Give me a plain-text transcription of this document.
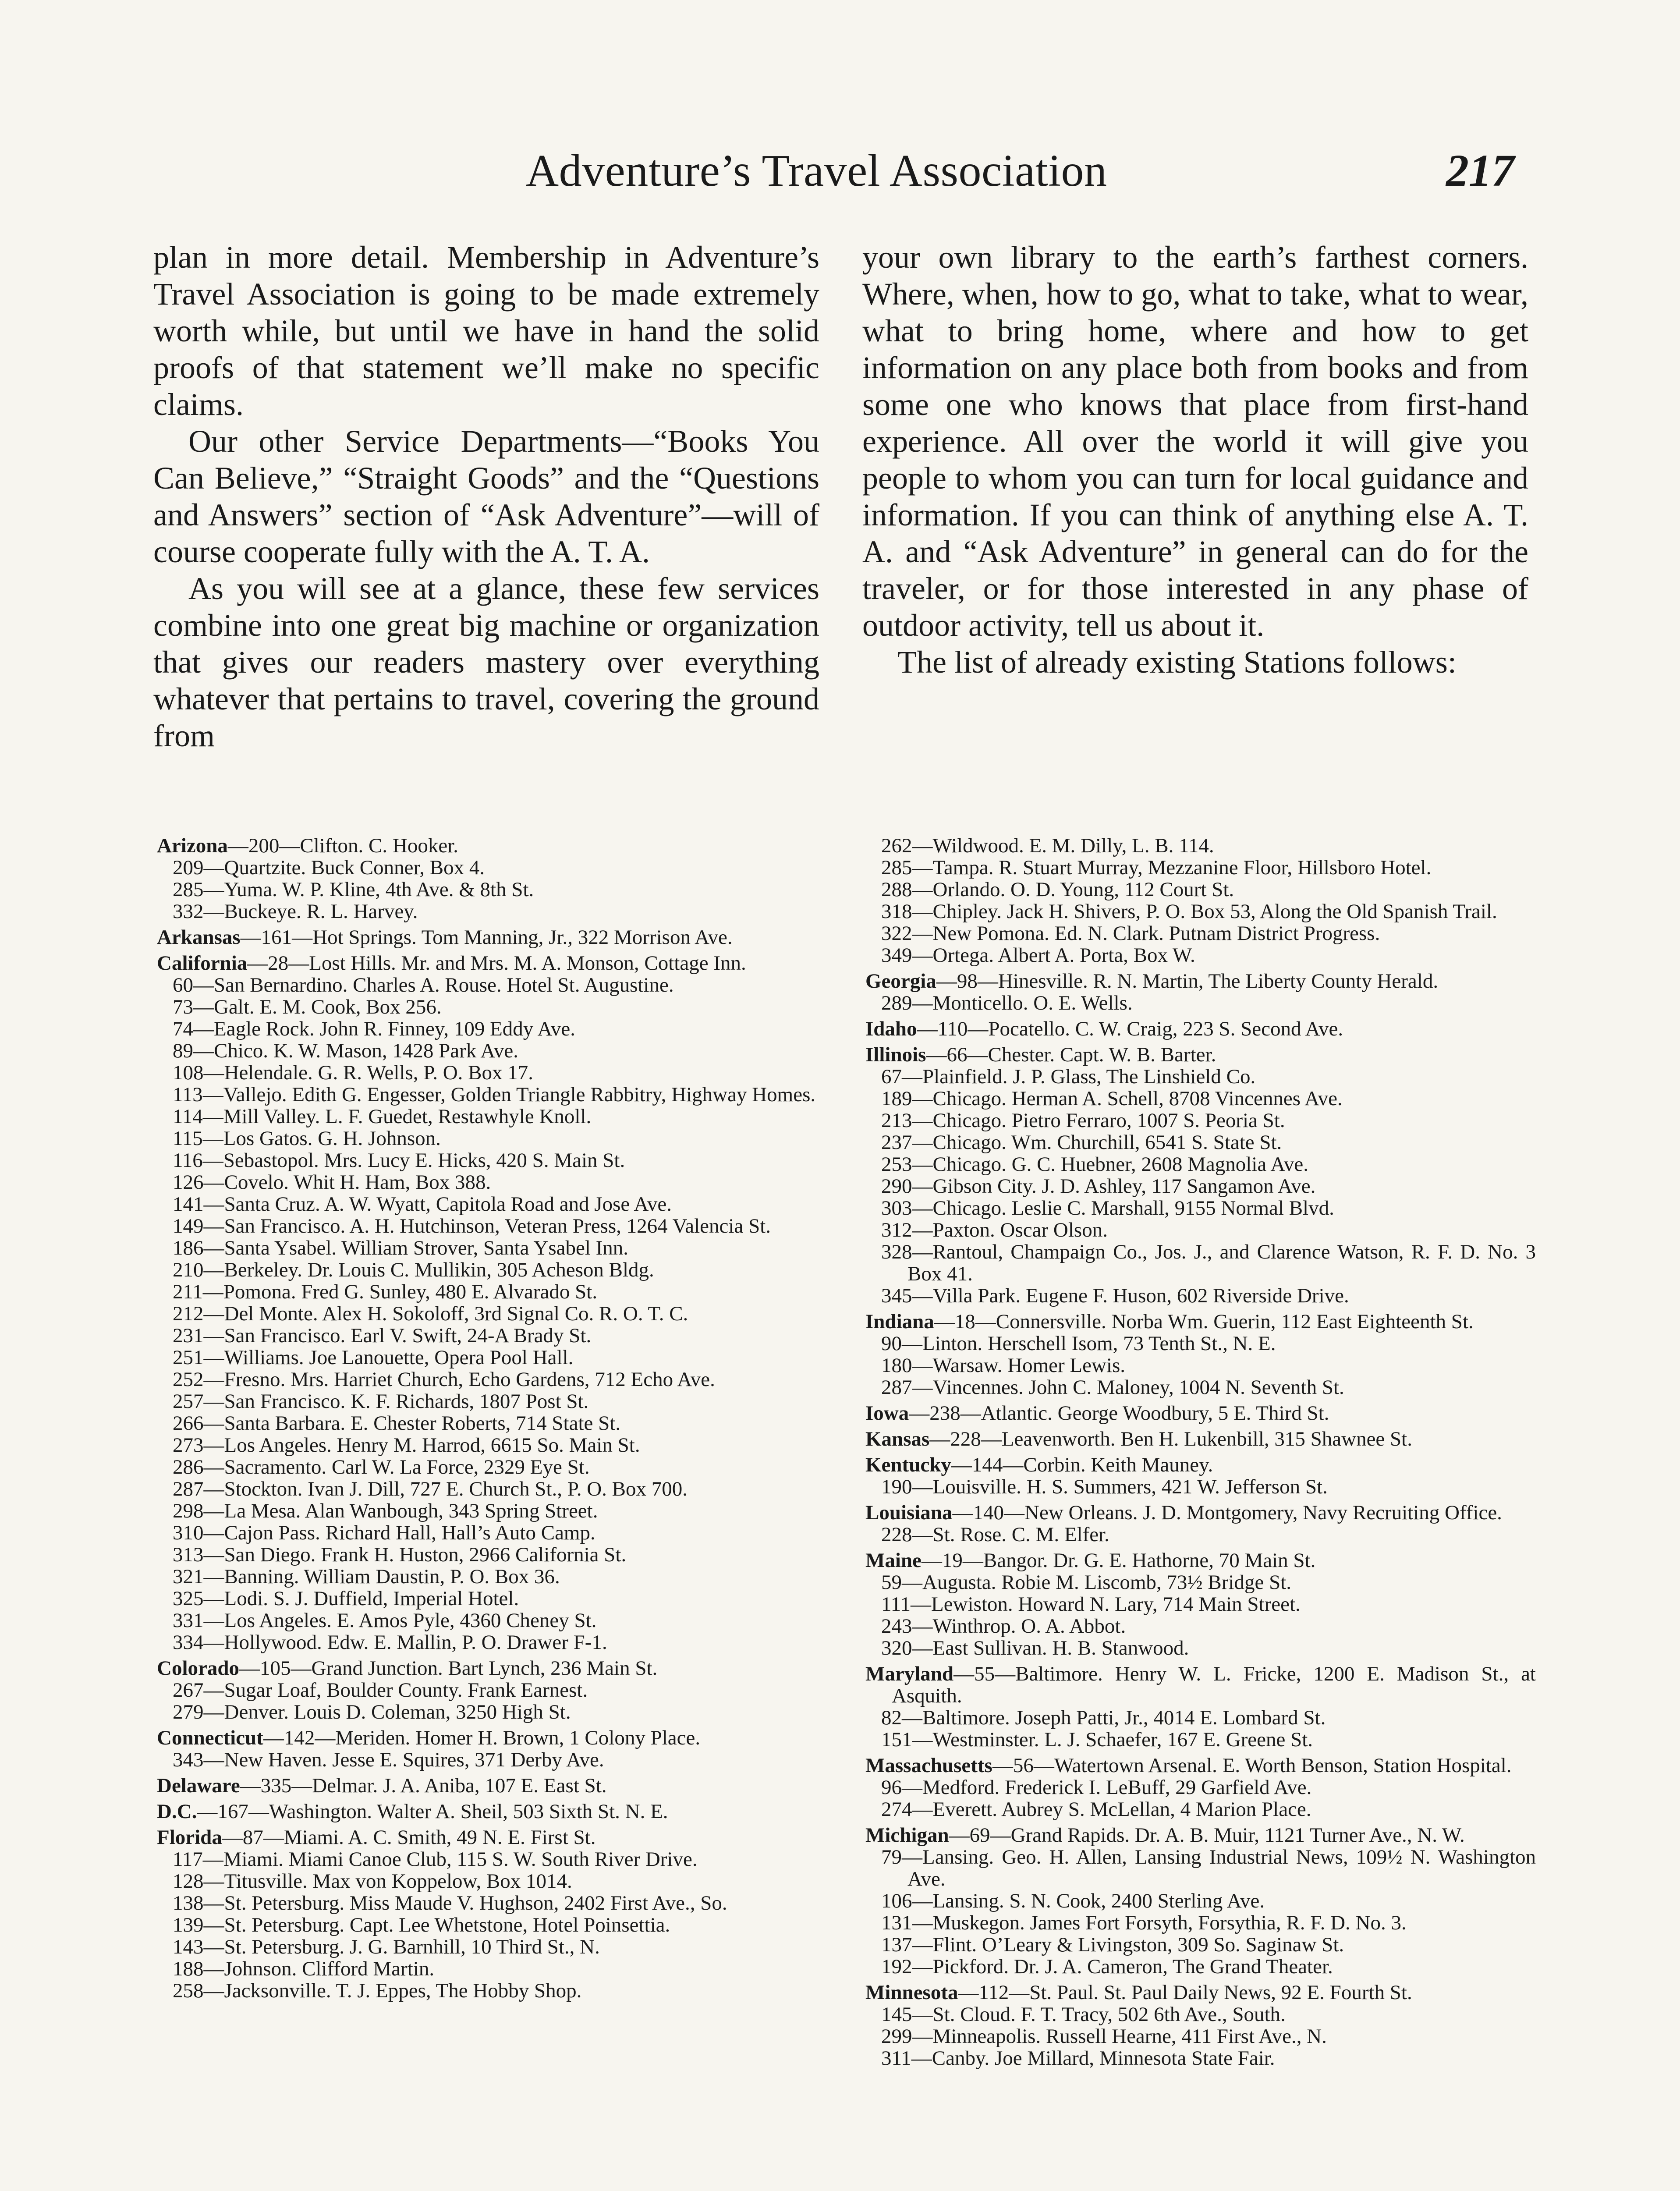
Adventure’s Travel Association	217

plan in more detail. Membership in Adventure’s Travel Association is going to be made extremely worth while, but until we have in hand the solid proofs of that statement we’ll make no specific claims.

Our other Service Departments—“Books You Can Believe,” “Straight Goods” and the “Questions and Answers” section of “Ask Adventure”—will of course cooperate fully with the A. T. A.

As you will see at a glance, these few services combine into one great big machine or organization that gives our readers mastery over everything whatever that pertains to travel, covering the ground from

your own library to the earth’s farthest corners. Where, when, how to go, what to take, what to wear, what to bring home, where and how to get information on any place both from books and from some one who knows that place from first-hand experience. All over the world it will give you people to whom you can turn for local guidance and information. If you can think of anything else A. T. A. and “Ask Adventure” in general can do for the traveler, or for those interested in any phase of outdoor activity, tell us about it.

The list of already existing Stations follows:

Arizona—200—Clifton. C. Hooker.
209—Quartzite. Buck Conner, Box 4.
285—Yuma. W. P. Kline, 4th Ave. & 8th St.
332—Buckeye. R. L. Harvey.
Arkansas—161—Hot Springs. Tom Manning, Jr., 322 Morrison Ave.
California—28—Lost Hills. Mr. and Mrs. M. A. Monson, Cottage Inn.
60—San Bernardino. Charles A. Rouse. Hotel St. Augustine.
73—Galt. E. M. Cook, Box 256.
74—Eagle Rock. John R. Finney, 109 Eddy Ave.
89—Chico. K. W. Mason, 1428 Park Ave.
108—Helendale. G. R. Wells, P. O. Box 17.
113—Vallejo. Edith G. Engesser, Golden Triangle Rabbitry, Highway Homes.
114—Mill Valley. L. F. Guedet, Restawhyle Knoll.
115—Los Gatos. G. H. Johnson.
116—Sebastopol. Mrs. Lucy E. Hicks, 420 S. Main St.
126—Covelo. Whit H. Ham, Box 388.
141—Santa Cruz. A. W. Wyatt, Capitola Road and Jose Ave.
149—San Francisco. A. H. Hutchinson, Veteran Press, 1264 Valencia St.
186—Santa Ysabel. William Strover, Santa Ysabel Inn.
210—Berkeley. Dr. Louis C. Mullikin, 305 Acheson Bldg.
211—Pomona. Fred G. Sunley, 480 E. Alvarado St.
212—Del Monte. Alex H. Sokoloff, 3rd Signal Co. R. O. T. C.
231—San Francisco. Earl V. Swift, 24-A Brady St.
251—Williams. Joe Lanouette, Opera Pool Hall.
252—Fresno. Mrs. Harriet Church, Echo Gardens, 712 Echo Ave.
257—San Francisco. K. F. Richards, 1807 Post St.
266—Santa Barbara. E. Chester Roberts, 714 State St.
273—Los Angeles. Henry M. Harrod, 6615 So. Main St.
286—Sacramento. Carl W. La Force, 2329 Eye St.
287—Stockton. Ivan J. Dill, 727 E. Church St., P. O. Box 700.
298—La Mesa. Alan Wanbough, 343 Spring Street.
310—Cajon Pass. Richard Hall, Hall’s Auto Camp.
313—San Diego. Frank H. Huston, 2966 California St.
321—Banning. William Daustin, P. O. Box 36.
325—Lodi. S. J. Duffield, Imperial Hotel.
331—Los Angeles. E. Amos Pyle, 4360 Cheney St.
334—Hollywood. Edw. E. Mallin, P. O. Drawer F-1.
Colorado—105—Grand Junction. Bart Lynch, 236 Main St.
267—Sugar Loaf, Boulder County. Frank Earnest.
279—Denver. Louis D. Coleman, 3250 High St.
Connecticut—142—Meriden. Homer H. Brown, 1 Colony Place.
343—New Haven. Jesse E. Squires, 371 Derby Ave.
Delaware—335—Delmar. J. A. Aniba, 107 E. East St.
D.C.—167—Washington. Walter A. Sheil, 503 Sixth St. N. E.
Florida—87—Miami. A. C. Smith, 49 N. E. First St.
117—Miami. Miami Canoe Club, 115 S. W. South River Drive.
128—Titusville. Max von Koppelow, Box 1014.
138—St. Petersburg. Miss Maude V. Hughson, 2402 First Ave., So.
139—St. Petersburg. Capt. Lee Whetstone, Hotel Poinsettia.
143—St. Petersburg. J. G. Barnhill, 10 Third St., N.
188—Johnson. Clifford Martin.
258—Jacksonville. T. J. Eppes, The Hobby Shop.
262—Wildwood. E. M. Dilly, L. B. 114.
285—Tampa. R. Stuart Murray, Mezzanine Floor, Hillsboro Hotel.
288—Orlando. O. D. Young, 112 Court St.
318—Chipley. Jack H. Shivers, P. O. Box 53, Along the Old Spanish Trail.
322—New Pomona. Ed. N. Clark. Putnam District Progress.
349—Ortega. Albert A. Porta, Box W.
Georgia—98—Hinesville. R. N. Martin, The Liberty County Herald.
289—Monticello. O. E. Wells.
Idaho—110—Pocatello. C. W. Craig, 223 S. Second Ave.
Illinois—66—Chester. Capt. W. B. Barter.
67—Plainfield. J. P. Glass, The Linshield Co.
189—Chicago. Herman A. Schell, 8708 Vincennes Ave.
213—Chicago. Pietro Ferraro, 1007 S. Peoria St.
237—Chicago. Wm. Churchill, 6541 S. State St.
253—Chicago. G. C. Huebner, 2608 Magnolia Ave.
290—Gibson City. J. D. Ashley, 117 Sangamon Ave.
303—Chicago. Leslie C. Marshall, 9155 Normal Blvd.
312—Paxton. Oscar Olson.
328—Rantoul, Champaign Co., Jos. J., and Clarence Watson, R. F. D. No. 3 Box 41.
345—Villa Park. Eugene F. Huson, 602 Riverside Drive.
Indiana—18—Connersville. Norba Wm. Guerin, 112 East Eighteenth St.
90—Linton. Herschell Isom, 73 Tenth St., N. E.
180—Warsaw. Homer Lewis.
287—Vincennes. John C. Maloney, 1004 N. Seventh St.
Iowa—238—Atlantic. George Woodbury, 5 E. Third St.
Kansas—228—Leavenworth. Ben H. Lukenbill, 315 Shawnee St.
Kentucky—144—Corbin. Keith Mauney.
190—Louisville. H. S. Summers, 421 W. Jefferson St.
Louisiana—140—New Orleans. J. D. Montgomery, Navy Recruiting Office.
228—St. Rose. C. M. Elfer.
Maine—19—Bangor. Dr. G. E. Hathorne, 70 Main St.
59—Augusta. Robie M. Liscomb, 73½ Bridge St.
111—Lewiston. Howard N. Lary, 714 Main Street.
243—Winthrop. O. A. Abbot.
320—East Sullivan. H. B. Stanwood.
Maryland—55—Baltimore. Henry W. L. Fricke, 1200 E. Madison St., at Asquith.
82—Baltimore. Joseph Patti, Jr., 4014 E. Lombard St.
151—Westminster. L. J. Schaefer, 167 E. Greene St.
Massachusetts—56—Watertown Arsenal. E. Worth Benson, Station Hospital.
96—Medford. Frederick I. LeBuff, 29 Garfield Ave.
274—Everett. Aubrey S. McLellan, 4 Marion Place.
Michigan—69—Grand Rapids. Dr. A. B. Muir, 1121 Turner Ave., N. W.
79—Lansing. Geo. H. Allen, Lansing Industrial News, 109½ N. Washington Ave.
106—Lansing. S. N. Cook, 2400 Sterling Ave.
131—Muskegon. James Fort Forsyth, Forsythia, R. F. D. No. 3.
137—Flint. O’Leary & Livingston, 309 So. Saginaw St.
192—Pickford. Dr. J. A. Cameron, The Grand Theater.
Minnesota—112—St. Paul. St. Paul Daily News, 92 E. Fourth St.
145—St. Cloud. F. T. Tracy, 502 6th Ave., South.
299—Minneapolis. Russell Hearne, 411 First Ave., N.
311—Canby. Joe Millard, Minnesota State Fair.
